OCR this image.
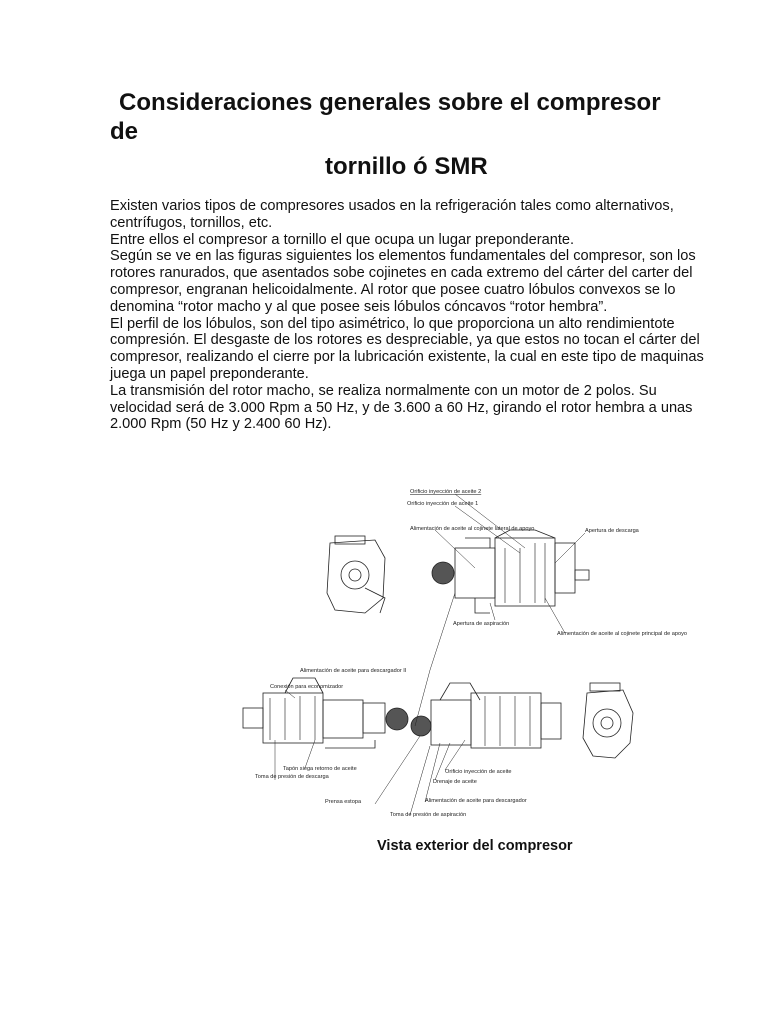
Consideraciones generales sobre el compresor
de
tornillo ó SMR

Existen varios tipos de compresores usados en la refrigeración tales como alternativos, centrífugos, tornillos, etc.

Entre ellos el compresor a tornillo el que ocupa un lugar preponderante.

Según se ve en las figuras siguientes los elementos fundamentales del compresor, son los rotores ranurados, que asentados sobe cojinetes en cada extremo del cárter del carter del compresor, engranan helicoidalmente. Al rotor que posee cuatro lóbulos convexos se lo denomina “rotor macho y al que posee seis lóbulos cóncavos “rotor hembra”.

El perfil de los lóbulos, son del tipo asimétrico, lo que proporciona un alto rendimientote compresión. El desgaste de los rotores es despreciable, ya que estos no tocan el cárter del compresor, realizando el cierre por la lubricación existente, la cual en este tipo de maquinas juega un papel preponderante.

La transmisión del rotor macho, se realiza normalmente con un motor de 2 polos. Su velocidad será de 3.000 Rpm a 50 Hz, y de 3.600 a 60 Hz, girando el rotor hembra a unas 2.000 Rpm (50 Hz y 2.400 60 Hz).

Orificio inyección de aceite 2
Orificio inyección de aceite 1
Alimentación de aceite al cojinete lateral de apoyo	Apertura de descarga
Apertura de aspiración
Alimentación de aceite al cojinete principal de apoyo
Alimentación de aceite para descargador II
Conexión para economizador
Tapón siega retorno de aceite
Toma de presión de descarga
Prensa estopa
Orificio inyección de aceite
Drenaje de aceite
Alimentación de aceite para descargador
Toma de presión de aspiración
Vista exterior del compresor
